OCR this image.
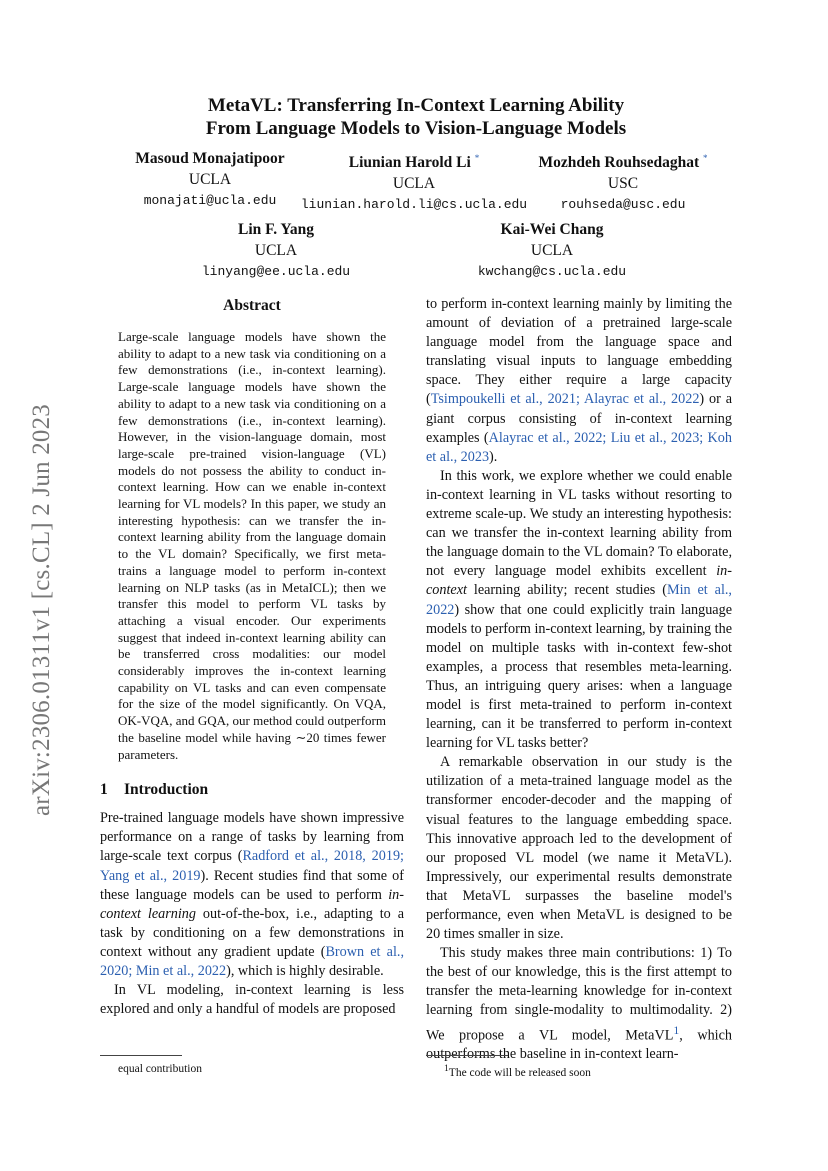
arXiv:2306.01311v1 [cs.CL] 2 Jun 2023
MetaVL: Transferring In-Context Learning Ability
From Language Models to Vision-Language Models
Masoud Monajatipoor
UCLA
monajati@ucla.edu
Liunian Harold Li *
UCLA
liunian.harold.li@cs.ucla.edu
Mozhdeh Rouhsedaghat *
USC
rouhseda@usc.edu
Lin F. Yang
UCLA
linyang@ee.ucla.edu
Kai-Wei Chang
UCLA
kwchang@cs.ucla.edu
Abstract

Large-scale language models have shown the ability to adapt to a new task via conditioning on a few demonstrations (i.e., in-context learning). Large-scale language models have shown the ability to adapt to a new task via conditioning on a few demonstrations (i.e., in-context learning). However, in the vision-language domain, most large-scale pre-trained vision-language (VL) models do not possess the ability to conduct in-context learning. How can we enable in-context learning for VL models? In this paper, we study an interesting hypothesis: can we transfer the in-context learning ability from the language domain to the VL domain? Specifically, we first meta-trains a language model to perform in-context learning on NLP tasks (as in MetaICL); then we transfer this model to perform VL tasks by attaching a visual encoder. Our experiments suggest that indeed in-context learning ability can be transferred cross modalities: our model considerably improves the in-context learning capability on VL tasks and can even compensate for the size of the model significantly. On VQA, OK-VQA, and GQA, our method could outperform the baseline model while having ∼20 times fewer parameters.

1 Introduction

Pre-trained language models have shown impressive performance on a range of tasks by learning from large-scale text corpus (Radford et al., 2018, 2019; Yang et al., 2019). Recent studies find that some of these language models can be used to perform in-context learning out-of-the-box, i.e., adapting to a task by conditioning on a few demonstrations in context without any gradient update (Brown et al., 2020; Min et al., 2022), which is highly desirable.

In VL modeling, in-context learning is less explored and only a handful of models are proposed

to perform in-context learning mainly by limiting the amount of deviation of a pretrained large-scale language model from the language space and translating visual inputs to language embedding space. They either require a large capacity (Tsimpoukelli et al., 2021; Alayrac et al., 2022) or a giant corpus consisting of in-context learning examples (Alayrac et al., 2022; Liu et al., 2023; Koh et al., 2023).

In this work, we explore whether we could enable in-context learning in VL tasks without resorting to extreme scale-up. We study an interesting hypothesis: can we transfer the in-context learning ability from the language domain to the VL domain? To elaborate, not every language model exhibits excellent in-context learning ability; recent studies (Min et al., 2022) show that one could explicitly train language models to perform in-context learning, by training the model on multiple tasks with in-context few-shot examples, a process that resembles meta-learning. Thus, an intriguing query arises: when a language model is first meta-trained to perform in-context learning, can it be transferred to perform in-context learning for VL tasks better?

A remarkable observation in our study is the utilization of a meta-trained language model as the transformer encoder-decoder and the mapping of visual features to the language embedding space. This innovative approach led to the development of our proposed VL model (we name it MetaVL). Impressively, our experimental results demonstrate that MetaVL surpasses the baseline model's performance, even when MetaVL is designed to be 20 times smaller in size.

This study makes three main contributions: 1) To the best of our knowledge, this is the first attempt to transfer the meta-learning knowledge for in-context learning from single-modality to multimodality. 2) We propose a VL model, MetaVL$^1$, which outperforms the baseline in in-context learn-

equal contribution	$^1$The code will be released soon
